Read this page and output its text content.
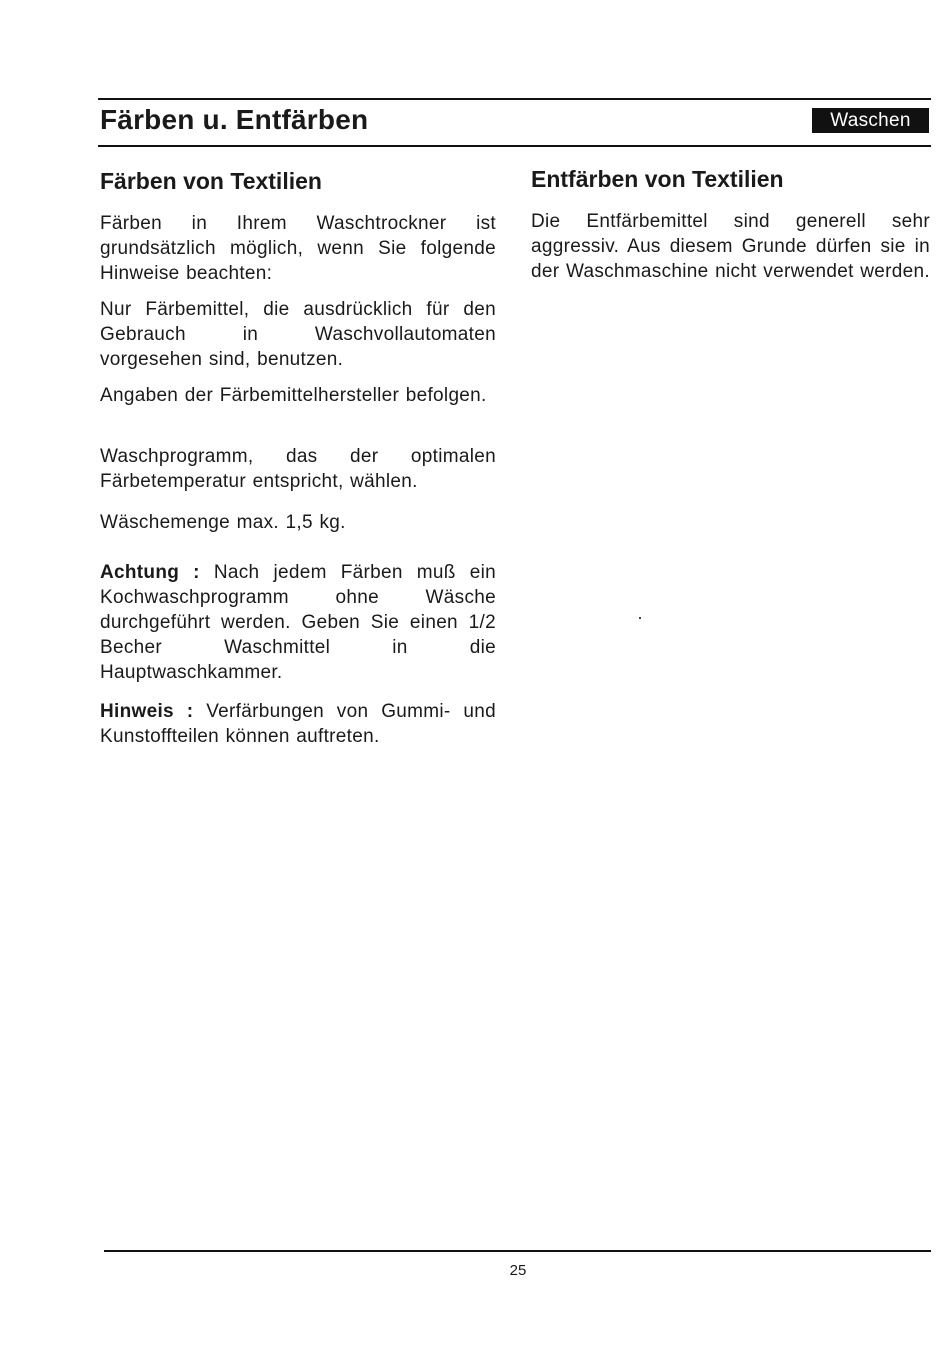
Färben u. Entfärben	Waschen
Färben von Textilien

Färben in Ihrem Waschtrockner ist grundsätzlich möglich, wenn Sie folgende Hinweise beachten:

Nur Färbemittel, die ausdrücklich für den Gebrauch in Waschvollautomaten vorgesehen sind, benutzen.

Angaben der Färbemittelhersteller befolgen.

Waschprogramm, das der optimalen Färbetemperatur entspricht, wählen.

Wäschemenge max. 1,5 kg.

Achtung : Nach jedem Färben muß ein Kochwaschprogramm ohne Wäsche durchgeführt werden. Geben Sie einen 1/2 Becher Waschmittel in die Hauptwaschkammer.

Hinweis : Verfärbungen von Gummi- und Kunstoffteilen können auftreten.

Entfärben von Textilien

Die Entfärbemittel sind generell sehr aggressiv. Aus diesem Grunde dürfen sie in der Waschmaschine nicht verwendet werden.

25
